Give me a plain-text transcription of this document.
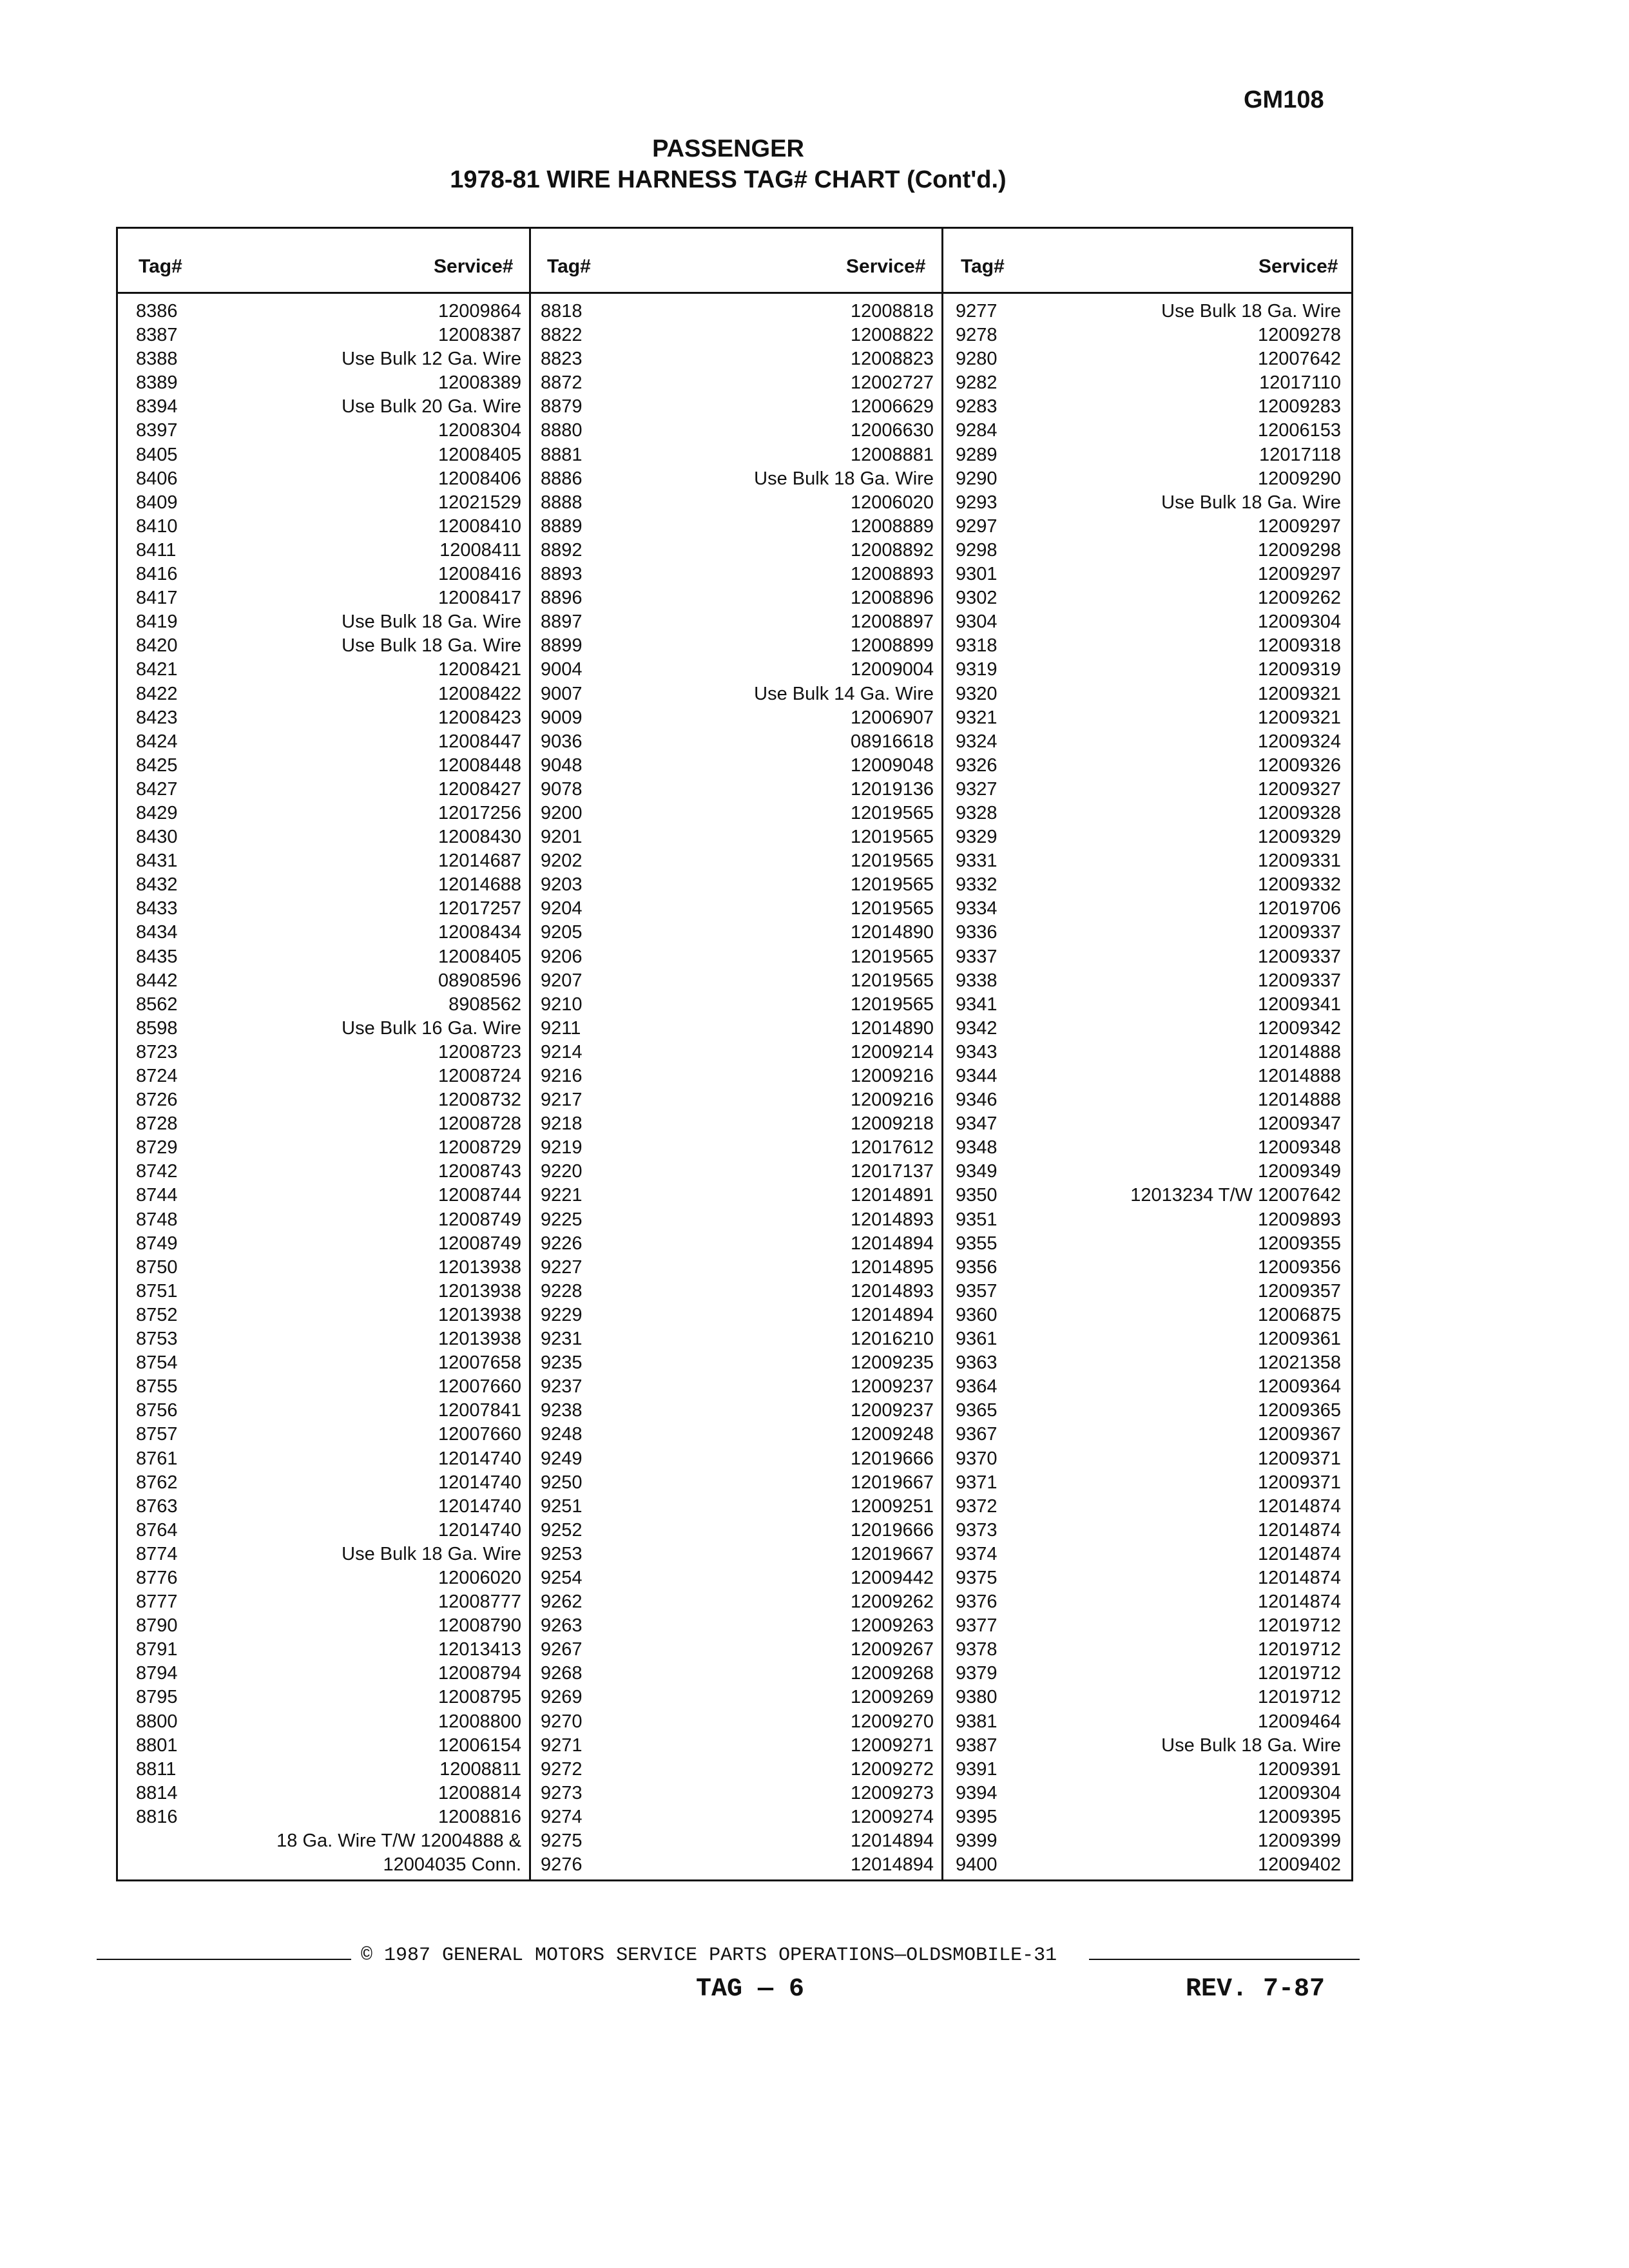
GM108
PASSENGER
1978-81 WIRE HARNESS TAG# CHART (Cont'd.)
Tag#	Service# Tag#	Service# Tag#	Service#
8386	12009864
8387	12008387
8388	Use Bulk 12 Ga. Wire
8389	12008389
8394	Use Bulk 20 Ga. Wire
8397	12008304
8405	12008405
8406	12008406
8409	12021529
8410	12008410
8411	12008411
8416	12008416
8417	12008417
8419	Use Bulk 18 Ga. Wire
8420	Use Bulk 18 Ga. Wire
8421	12008421
8422	12008422
8423	12008423
8424	12008447
8425	12008448
8427	12008427
8429	12017256
8430	12008430
8431	12014687
8432	12014688
8433	12017257
8434	12008434
8435	12008405
8442	08908596
8562	8908562
8598	Use Bulk 16 Ga. Wire
8723	12008723
8724	12008724
8726	12008732
8728	12008728
8729	12008729
8742	12008743
8744	12008744
8748	12008749
8749	12008749
8750	12013938
8751	12013938
8752	12013938
8753	12013938
8754	12007658
8755	12007660
8756	12007841
8757	12007660
8761	12014740
8762	12014740
8763	12014740
8764	12014740
8774	Use Bulk 18 Ga. Wire
8776	12006020
8777	12008777
8790	12008790
8791	12013413
8794	12008794
8795	12008795
8800	12008800
8801	12006154
8811	12008811
8814	12008814
8816	12008816
18 Ga. Wire T/W 12004888 &
12004035 Conn.
8818	12008818
8822	12008822
8823	12008823
8872	12002727
8879	12006629
8880	12006630
8881	12008881
8886	Use Bulk 18 Ga. Wire
8888	12006020
8889	12008889
8892	12008892
8893	12008893
8896	12008896
8897	12008897
8899	12008899
9004	12009004
9007	Use Bulk 14 Ga. Wire
9009	12006907
9036	08916618
9048	12009048
9078	12019136
9200	12019565
9201	12019565
9202	12019565
9203	12019565
9204	12019565
9205	12014890
9206	12019565
9207	12019565
9210	12019565
9211	12014890
9214	12009214
9216	12009216
9217	12009216
9218	12009218
9219	12017612
9220	12017137
9221	12014891
9225	12014893
9226	12014894
9227	12014895
9228	12014893
9229	12014894
9231	12016210
9235	12009235
9237	12009237
9238	12009237
9248	12009248
9249	12019666
9250	12019667
9251	12009251
9252	12019666
9253	12019667
9254	12009442
9262	12009262
9263	12009263
9267	12009267
9268	12009268
9269	12009269
9270	12009270
9271	12009271
9272	12009272
9273	12009273
9274	12009274
9275	12014894
9276	12014894
9277	Use Bulk 18 Ga. Wire
9278	12009278
9280	12007642
9282	12017110
9283	12009283
9284	12006153
9289	12017118
9290	12009290
9293	Use Bulk 18 Ga. Wire
9297	12009297
9298	12009298
9301	12009297
9302	12009262
9304	12009304
9318	12009318
9319	12009319
9320	12009321
9321	12009321
9324	12009324
9326	12009326
9327	12009327
9328	12009328
9329	12009329
9331	12009331
9332	12009332
9334	12019706
9336	12009337
9337	12009337
9338	12009337
9341	12009341
9342	12009342
9343	12014888
9344	12014888
9346	12014888
9347	12009347
9348	12009348
9349	12009349
9350	12013234 T/W 12007642
9351	12009893
9355	12009355
9356	12009356
9357	12009357
9360	12006875
9361	12009361
9363	12021358
9364	12009364
9365	12009365
9367	12009367
9370	12009371
9371	12009371
9372	12014874
9373	12014874
9374	12014874
9375	12014874
9376	12014874
9377	12019712
9378	12019712
9379	12019712
9380	12019712
9381	12009464
9387	Use Bulk 18 Ga. Wire
9391	12009391
9394	12009304
9395	12009395
9399	12009399
9400	12009402
© 1987 GENERAL MOTORS SERVICE PARTS OPERATIONS—OLDSMOBILE-31
TAG — 6	REV. 7-87
